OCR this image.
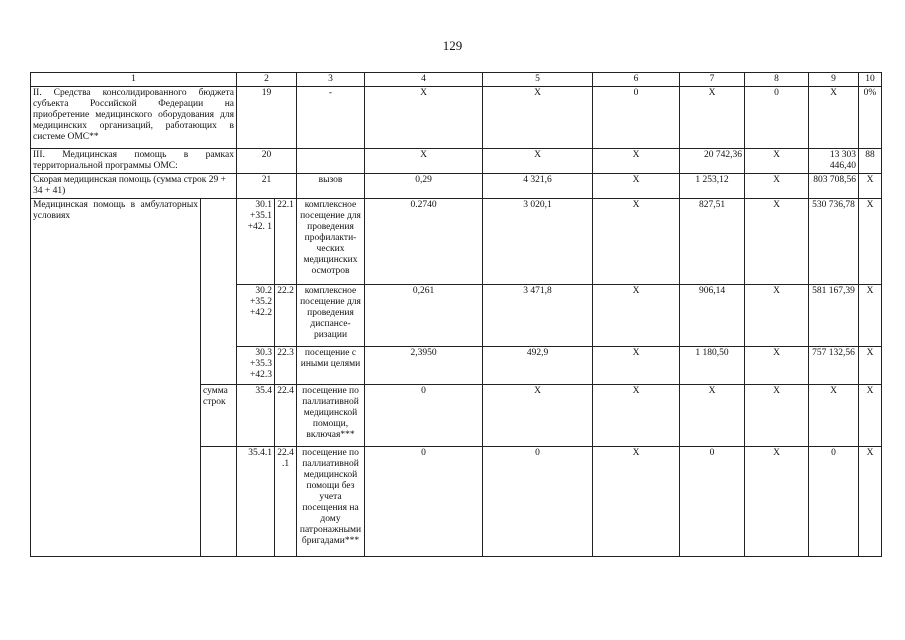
129
1		2		3	4	5	6	7	8	9	10
II. Средства консолидированного бюджета субъекта Российской Федерации на приобретение медицинского оборудования для медицинских организаций, работающих в системе ОМС**		19		-	X	X	0	X	0	X	0%
III. Медицинская помощь в рамках территориальной программы ОМС:		20			X	X	X	20 742,36	X	13 303 446,40	88
Скорая медицинская помощь (сумма строк 29 + 34 + 41)		21		вызов	0,29	4 321,6	X	1 253,12	X	803 708,56	X
Медицинская помощь в амбулаторных условиях		30.1
+35.1
+42. 1	22.1	комплексное посещение для проведения профилакти-ческих медицинских осмотров	0.2740	3 020,1	X	827,51	X	530 736,78	X
		30.2
+35.2
+42.2	22.2	комплексное посещение для проведения диспансе-ризации	0,261	3 471,8	X	906,14	X	581 167,39	X
		30.3
+35.3
+42.3	22.3	посещение с иными целями	2,3950	492,9	X	1 180,50	X	757 132,56	X
	сумма строк	35.4	22.4	посещение по паллиативной медицинской помощи, включая***	0	X	X	X	X	X	X
		35.4.1	22.4.1	посещение по паллиативной медицинской помощи без учета посещения на дому патронажными бригадами***	0	0	X	0	X	0	X
